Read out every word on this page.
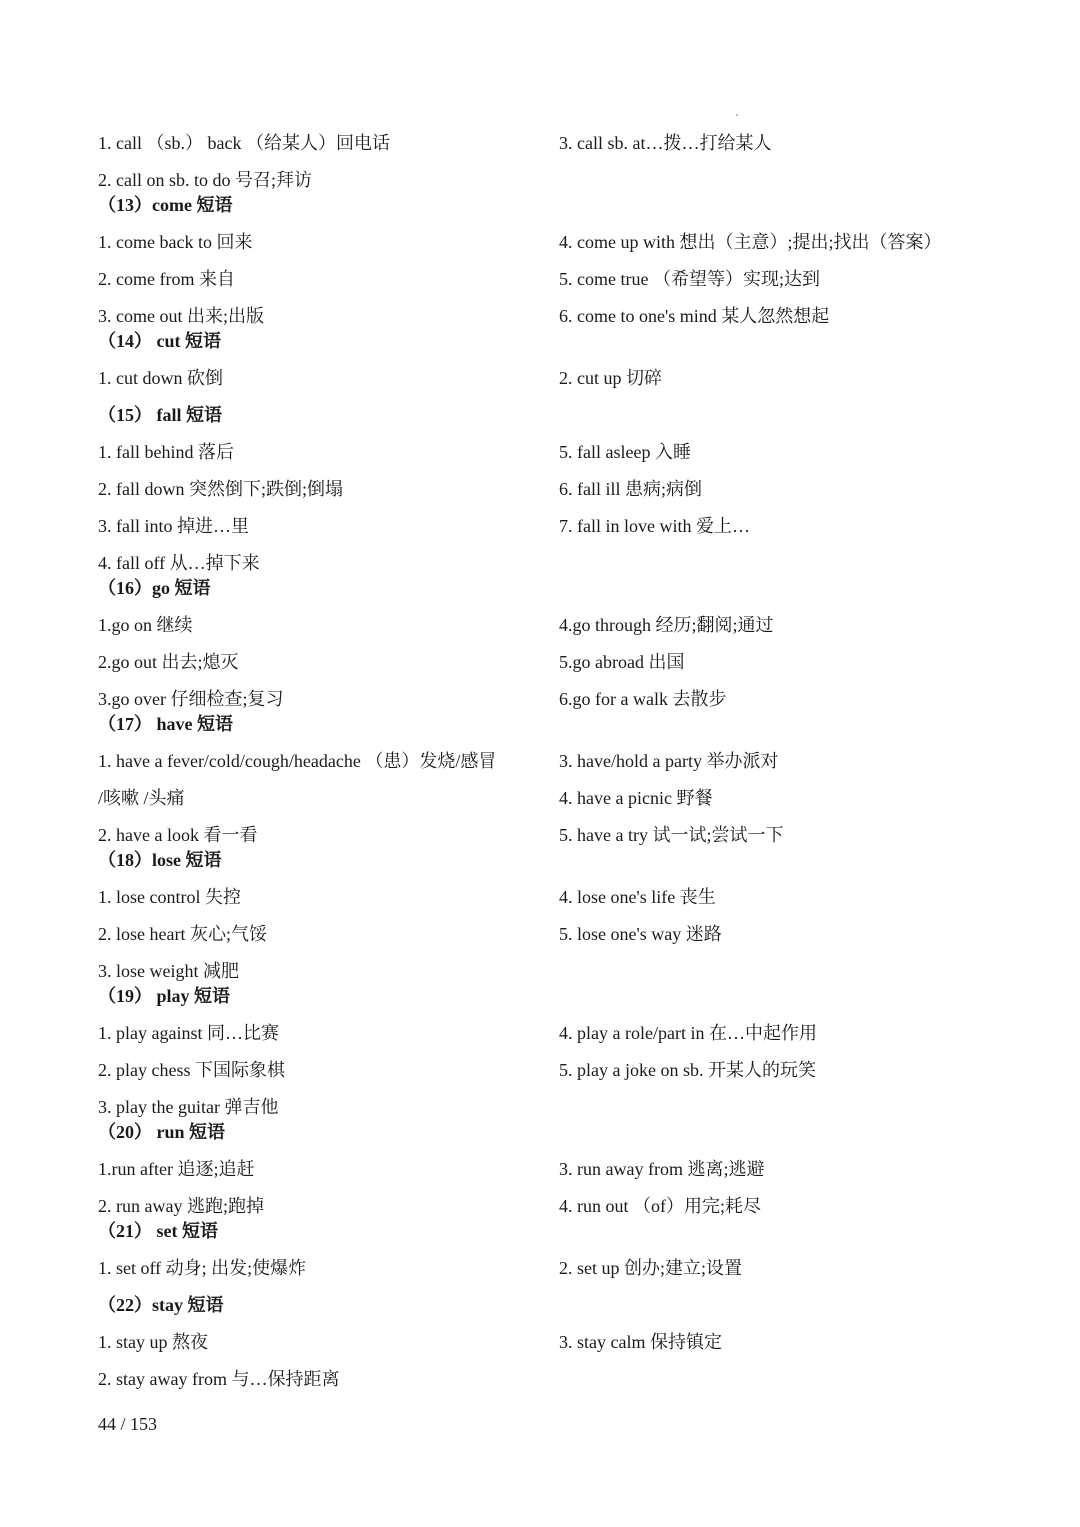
1. call （sb.） back （给某人）回电话	3. call sb. at…拨…打给某人
2. call on sb. to do 号召;拜访
（13）come 短语
1. come back to 回来	4. come up with 想出（主意）;提出;找出（答案）
2. come from 来自	5. come true （希望等）实现;达到
3. come out 出来;出版	6. come to one's mind 某人忽然想起
（14） cut 短语
1. cut down 砍倒	2. cut up 切碎
（15） fall 短语
1. fall behind 落后	5. fall asleep 入睡
2. fall down 突然倒下;跌倒;倒塌	6. fall ill 患病;病倒
3. fall into 掉进…里	7. fall in love with 爱上…
4. fall off 从…掉下来
（16）go 短语
1.go on 继续	4.go through 经历;翻阅;通过
2.go out 出去;熄灭	5.go abroad 出国
3.go over 仔细检查;复习	6.go for a walk 去散步
（17） have 短语
1. have a fever/cold/cough/headache （患）发烧/感冒	3. have/hold a party 举办派对
/咳嗽 /头痛	4. have a picnic 野餐
2. have a look 看一看	5. have a try 试一试;尝试一下
（18）lose 短语
1. lose control 失控	4. lose one's life 丧生
2. lose heart 灰心;气馁	5. lose one's way 迷路
3. lose weight 减肥
（19） play 短语
1. play against 同…比赛	4. play a role/part in 在…中起作用
2. play chess 下国际象棋	5. play a joke on sb. 开某人的玩笑
3. play the guitar 弹吉他
（20） run 短语
1.run after 追逐;追赶	3. run away from 逃离;逃避
2. run away 逃跑;跑掉	4. run out （of）用完;耗尽
（21） set 短语
1. set off 动身; 出发;使爆炸	2. set up 创办;建立;设置
（22）stay 短语
1. stay up 熬夜	3. stay calm 保持镇定
2. stay away from 与…保持距离
44 / 153
